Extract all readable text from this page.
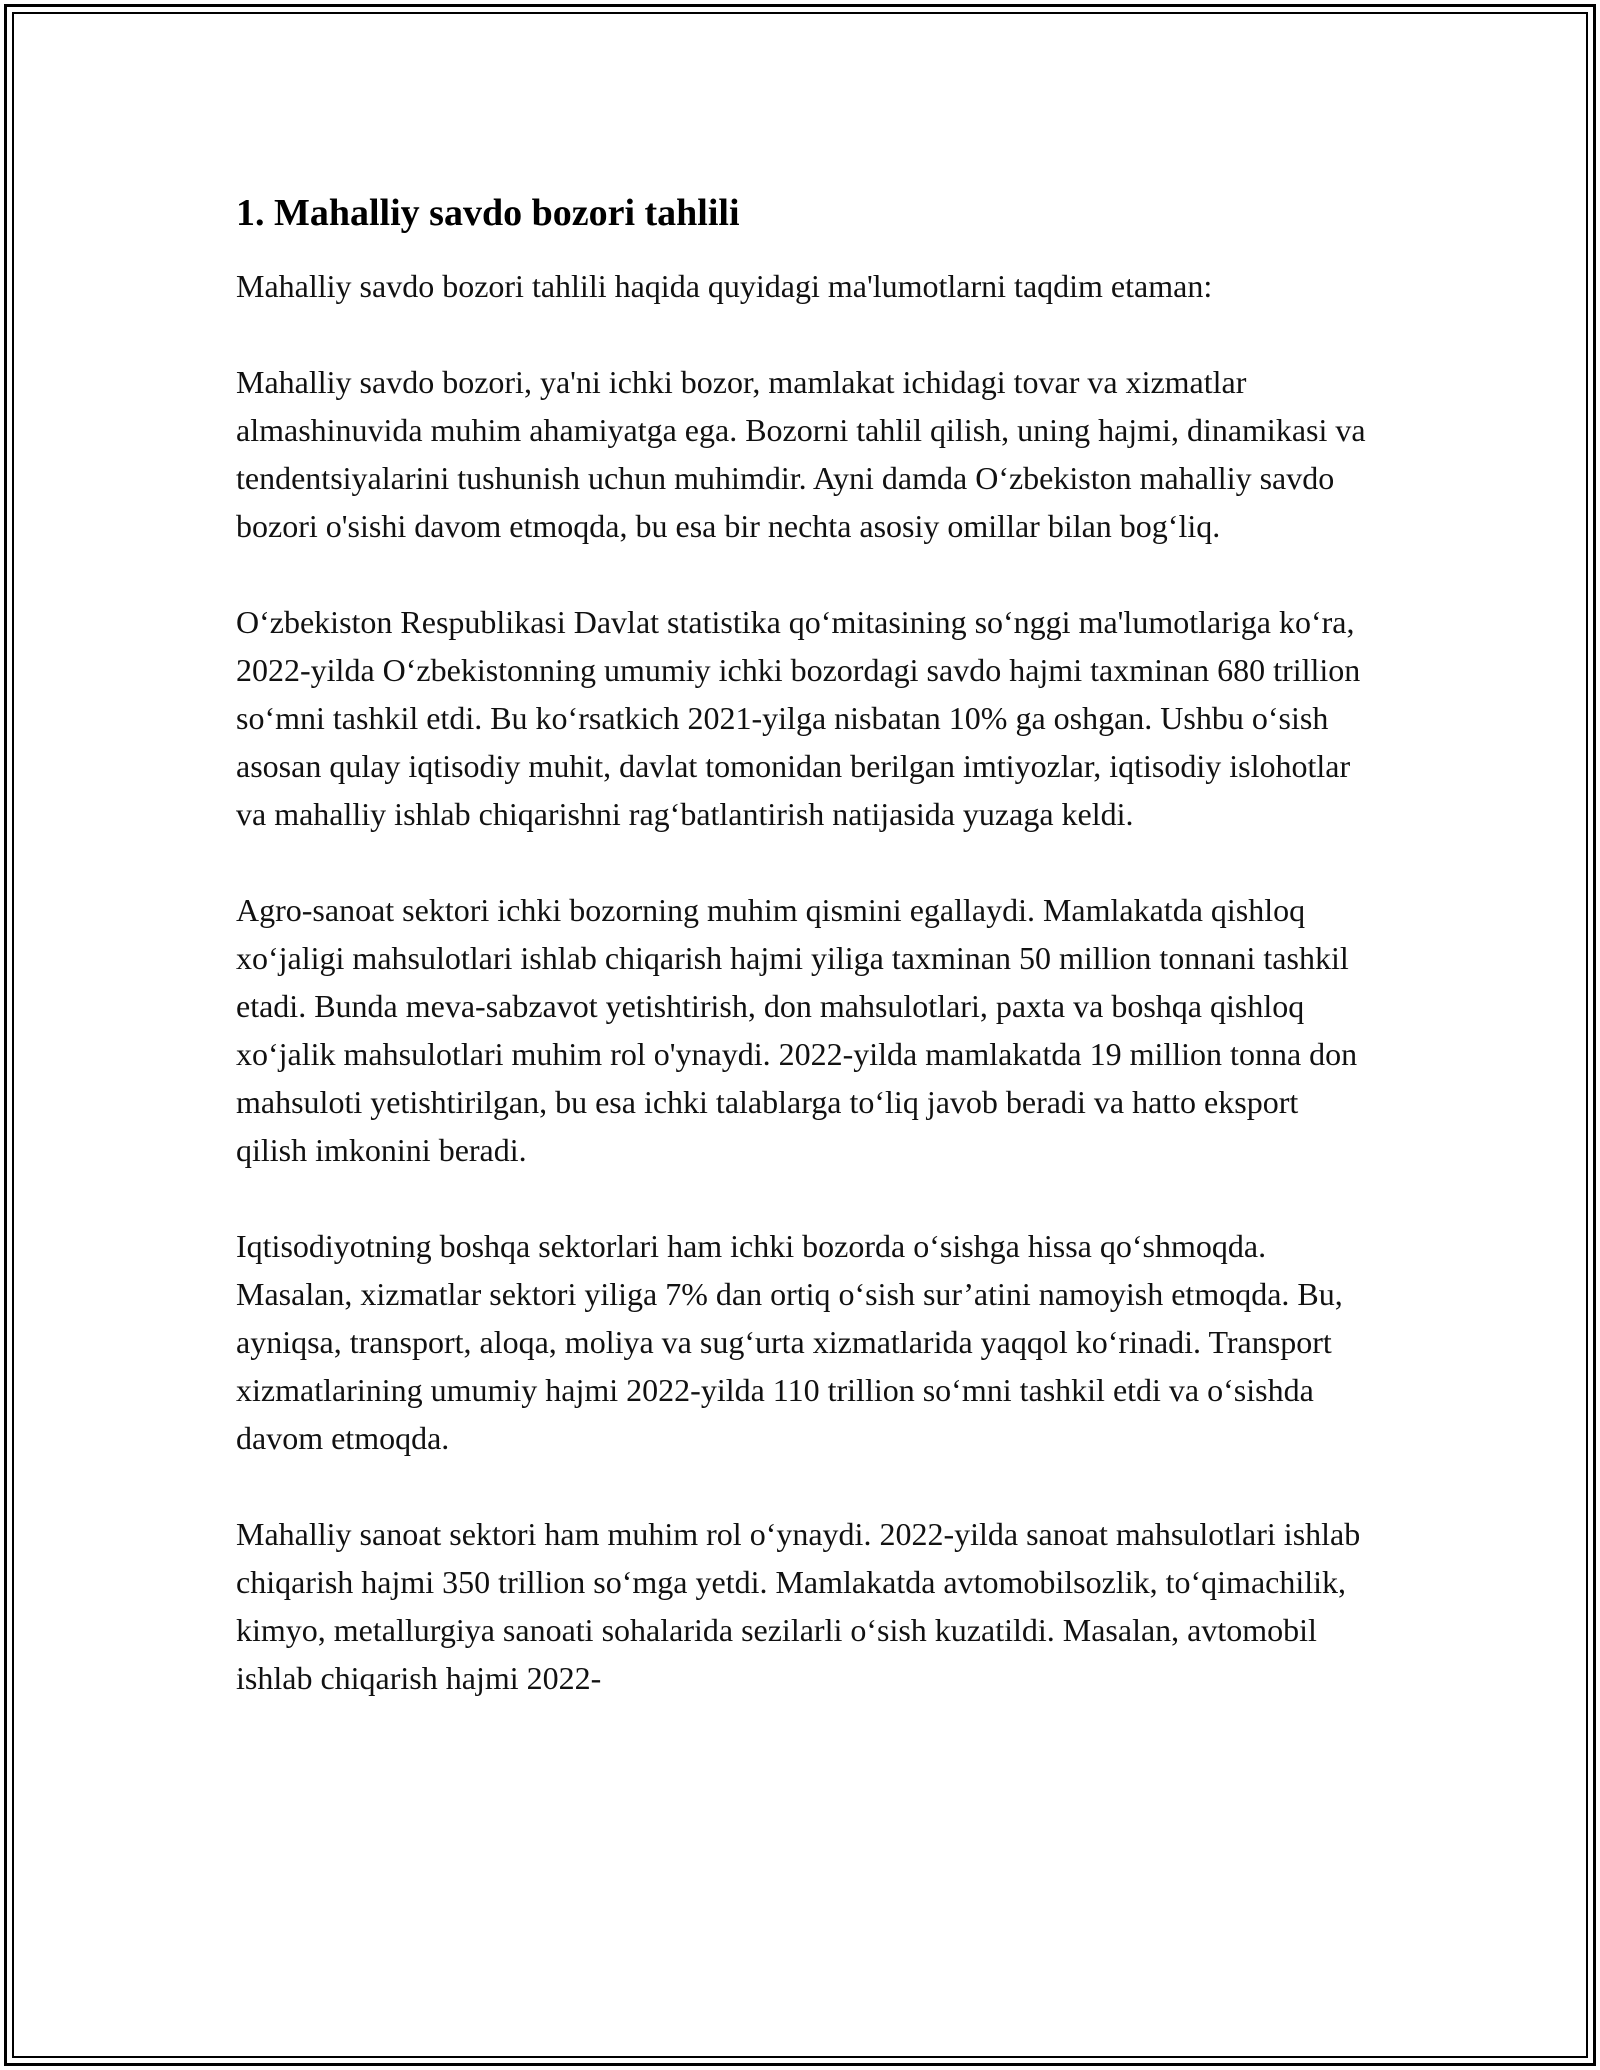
1. Mahalliy savdo bozori tahlili

Mahalliy savdo bozori tahlili haqida quyidagi ma'lumotlarni taqdim etaman:

Mahalliy savdo bozori, ya'ni ichki bozor, mamlakat ichidagi tovar va xizmatlar almashinuvida muhim ahamiyatga ega. Bozorni tahlil qilish, uning hajmi, dinamikasi va tendentsiyalarini tushunish uchun muhimdir. Ayni damda O‘zbekiston mahalliy savdo bozori o'sishi davom etmoqda, bu esa bir nechta asosiy omillar bilan bog‘liq.

O‘zbekiston Respublikasi Davlat statistika qo‘mitasining so‘nggi ma'lumotlariga ko‘ra, 2022-yilda O‘zbekistonning umumiy ichki bozordagi savdo hajmi taxminan 680 trillion so‘mni tashkil etdi. Bu ko‘rsatkich 2021-yilga nisbatan 10% ga oshgan. Ushbu o‘sish asosan qulay iqtisodiy muhit, davlat tomonidan berilgan imtiyozlar, iqtisodiy islohotlar va mahalliy ishlab chiqarishni rag‘batlantirish natijasida yuzaga keldi.

Agro-sanoat sektori ichki bozorning muhim qismini egallaydi. Mamlakatda qishloq xo‘jaligi mahsulotlari ishlab chiqarish hajmi yiliga taxminan 50 million tonnani tashkil etadi. Bunda meva-sabzavot yetishtirish, don mahsulotlari, paxta va boshqa qishloq xo‘jalik mahsulotlari muhim rol o'ynaydi. 2022-yilda mamlakatda 19 million tonna don mahsuloti yetishtirilgan, bu esa ichki talablarga to‘liq javob beradi va hatto eksport qilish imkonini beradi.

Iqtisodiyotning boshqa sektorlari ham ichki bozorda o‘sishga hissa qo‘shmoqda. Masalan, xizmatlar sektori yiliga 7% dan ortiq o‘sish sur’atini namoyish etmoqda. Bu, ayniqsa, transport, aloqa, moliya va sug‘urta xizmatlarida yaqqol ko‘rinadi. Transport xizmatlarining umumiy hajmi 2022-yilda 110 trillion so‘mni tashkil etdi va o‘sishda davom etmoqda.

Mahalliy sanoat sektori ham muhim rol o‘ynaydi. 2022-yilda sanoat mahsulotlari ishlab chiqarish hajmi 350 trillion so‘mga yetdi. Mamlakatda avtomobilsozlik, to‘qimachilik, kimyo, metallurgiya sanoati sohalarida sezilarli o‘sish kuzatildi. Masalan, avtomobil ishlab chiqarish hajmi 2022-
